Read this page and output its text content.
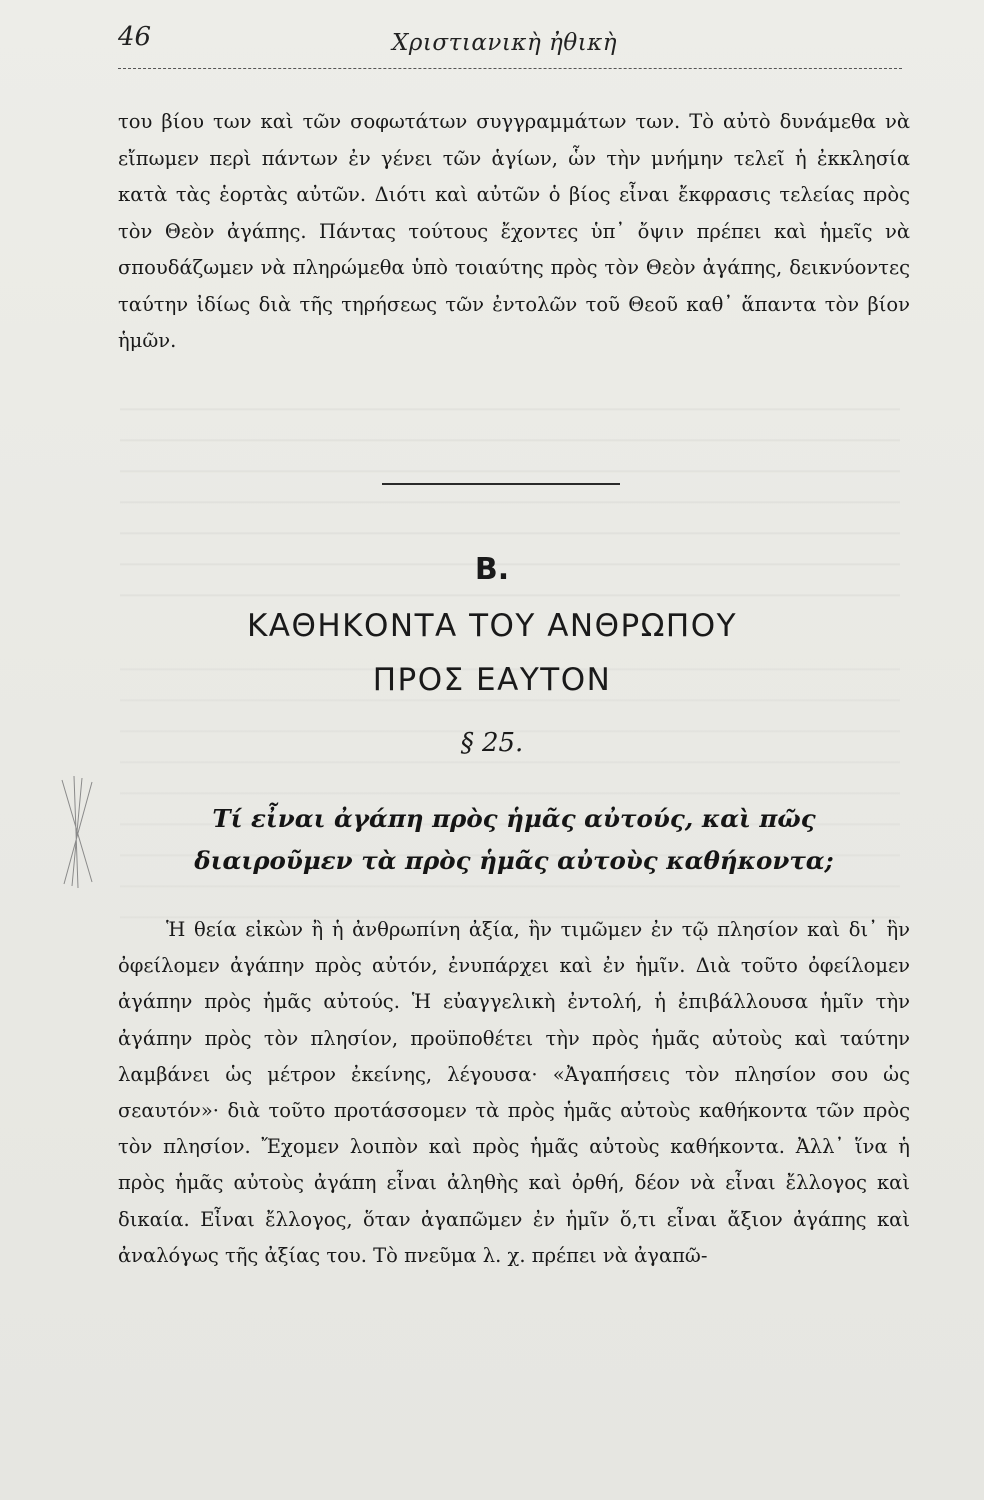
46	Χριστιανικὴ ἠθικὴ

του βίου των καὶ τῶν σοφωτάτων συγγραμμάτων των. Τὸ αὐτὸ δυνάμεθα νὰ εἴπωμεν περὶ πάντων ἐν γένει τῶν ἁγίων, ὧν τὴν μνήμην τελεῖ ἡ ἐκκλησία κατὰ τὰς ἑορτὰς αὐτῶν. Διότι καὶ αὐτῶν ὁ βίος εἶναι ἔκφρασις τελείας πρὸς τὸν Θεὸν ἀγάπης. Πάντας τούτους ἔχοντες ὑπ᾽ ὄψιν πρέπει καὶ ἡμεῖς νὰ σπουδάζωμεν νὰ πληρώμεθα ὑπὸ τοιαύτης πρὸς τὸν Θεὸν ἀγάπης, δεικνύοντες ταύτην ἰδίως διὰ τῆς τηρήσεως τῶν ἐντολῶν τοῦ Θεοῦ καθ᾽ ἅπαντα τὸν βίον ἡμῶν.

Β.
ΚΑΘΗΚΟΝΤΑ ΤΟΥ ΑΝΘΡΩΠΟΥ
ΠΡΟΣ ΕΑΥΤΟΝ
§ 25.
Τί εἶναι ἀγάπη πρὸς ἡμᾶς αὐτούς, καὶ πῶς
διαιροῦμεν τὰ πρὸς ἡμᾶς αὐτοὺς καθήκοντα;

Ἡ θεία εἰκὼν ἢ ἡ ἀνθρωπίνη ἀξία, ἣν τιμῶμεν ἐν τῷ πλησίον καὶ δι᾽ ἣν ὀφείλομεν ἀγάπην πρὸς αὐτόν, ἐνυπάρχει καὶ ἐν ἡμῖν. Διὰ τοῦτο ὀφείλομεν ἀγάπην πρὸς ἡμᾶς αὐτούς. Ἡ εὐαγγελικὴ ἐντολή, ἡ ἐπιβάλλουσα ἡμῖν τὴν ἀγάπην πρὸς τὸν πλησίον, προϋποθέτει τὴν πρὸς ἡμᾶς αὐτοὺς καὶ ταύτην λαμβάνει ὡς μέτρον ἐκείνης, λέγουσα· «Ἀγαπήσεις τὸν πλησίον σου ὡς σεαυτόν»· διὰ τοῦτο προτάσσομεν τὰ πρὸς ἡμᾶς αὐτοὺς καθήκοντα τῶν πρὸς τὸν πλησίον. Ἔχομεν λοιπὸν καὶ πρὸς ἡμᾶς αὐτοὺς καθήκοντα. Ἀλλ᾽ ἵνα ἡ πρὸς ἡμᾶς αὐτοὺς ἀγάπη εἶναι ἀληθὴς καὶ ὀρθή, δέον νὰ εἶναι ἔλλογος καὶ δικαία. Εἶναι ἔλλογος, ὅταν ἀγαπῶμεν ἐν ἡμῖν ὅ,τι εἶναι ἄξιον ἀγάπης καὶ ἀναλόγως τῆς ἀξίας του. Τὸ πνεῦμα λ. χ. πρέπει νὰ ἀγαπῶ-
